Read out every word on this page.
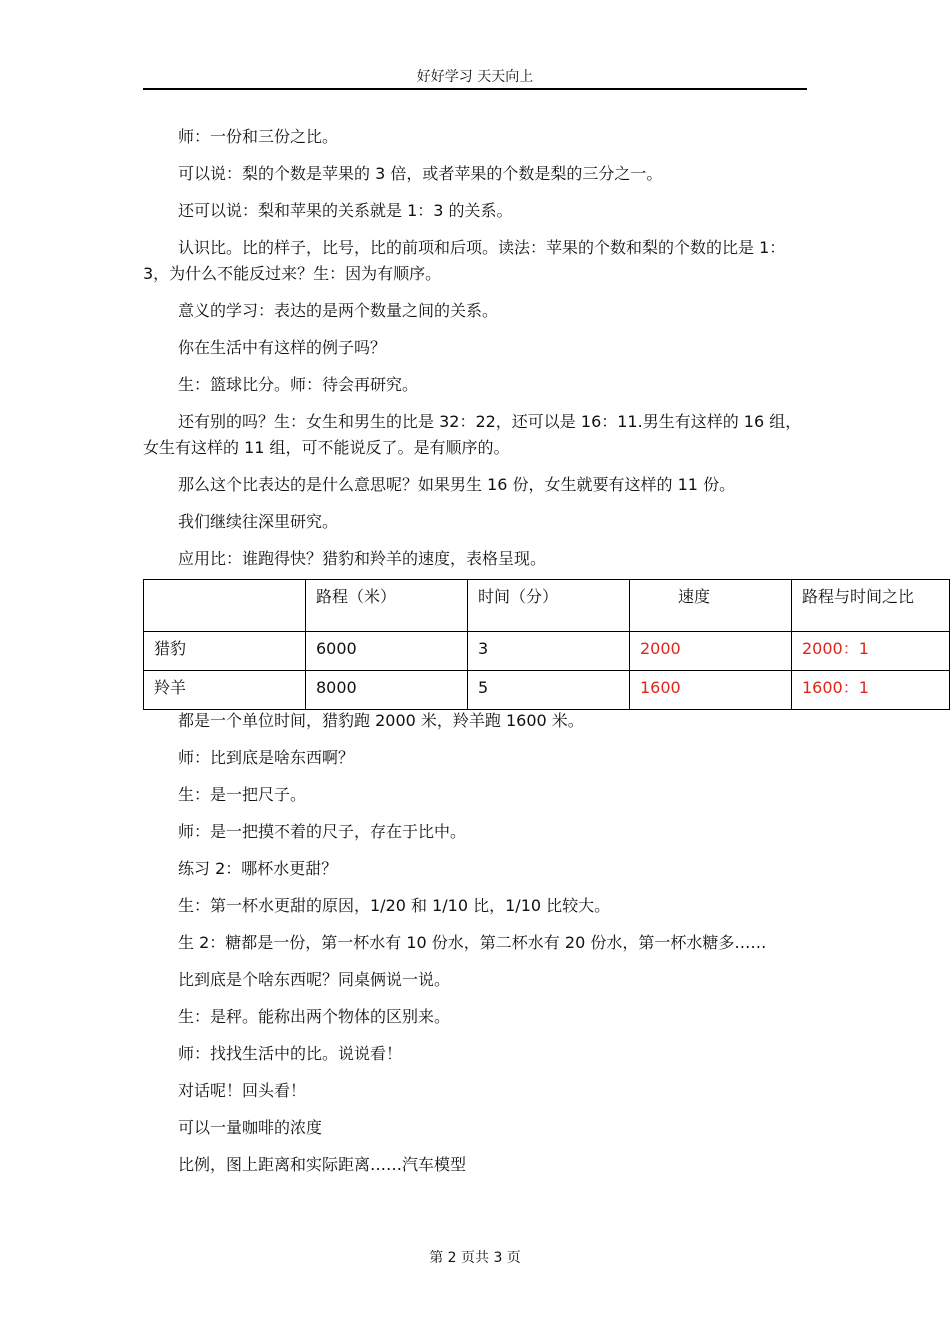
好好学习 天天向上

师：一份和三份之比。

可以说：梨的个数是苹果的 3 倍，或者苹果的个数是梨的三分之一。

还可以说：梨和苹果的关系就是 1：3 的关系。

认识比。比的样子，比号，比的前项和后项。读法：苹果的个数和梨的个数的比是 1：3，为什么不能反过来？生：因为有顺序。

意义的学习：表达的是两个数量之间的关系。

你在生活中有这样的例子吗？

生：篮球比分。师：待会再研究。

还有别的吗？生：女生和男生的比是 32：22，还可以是 16：11.男生有这样的 16 组，女生有这样的 11 组，可不能说反了。是有顺序的。

那么这个比表达的是什么意思呢？如果男生 16 份，女生就要有这样的 11 份。

我们继续往深里研究。

应用比：谁跑得快？猎豹和羚羊的速度，表格呈现。

	路程（米）	时间（分）	速度	路程与时间之比
猎豹	6000	3	2000	2000：1
羚羊	8000	5	1600	1600：1

都是一个单位时间，猎豹跑 2000 米，羚羊跑 1600 米。

师：比到底是啥东西啊？

生：是一把尺子。

师：是一把摸不着的尺子，存在于比中。

练习 2：哪杯水更甜？

生：第一杯水更甜的原因，1/20 和 1/10 比，1/10 比较大。

生 2：糖都是一份，第一杯水有 10 份水，第二杯水有 20 份水，第一杯水糖多……

比到底是个啥东西呢？同桌俩说一说。

生：是秤。能称出两个物体的区别来。

师：找找生活中的比。说说看！

对话呢！回头看！

可以一量咖啡的浓度

比例，图上距离和实际距离……汽车模型

第 2 页共 3 页
